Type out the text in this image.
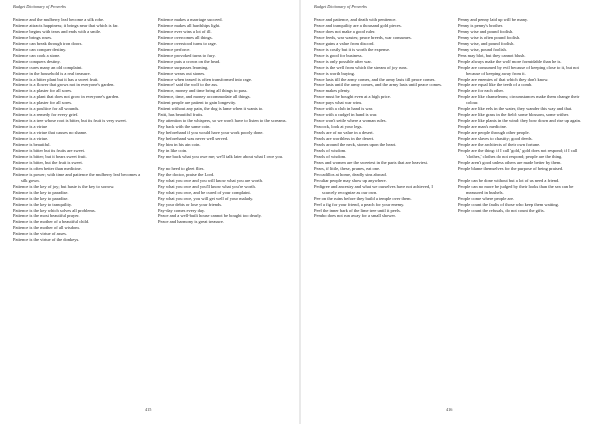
Budget Dictionary of Proverbs

Patience and the mulberry leaf become a silk robe.

Patience attracts happiness; it brings near that which is far.

Patience begins with tears and ends with a smile.

Patience brings roses.

Patience can break through iron doors.

Patience can conquer destiny.

Patience can cook a stone.

Patience conquers destiny.

Patience cures many an old complaint.

Patience in the household is a real treasure.

Patience is a bitter plant but it has a sweet fruit.

Patience is a flower that grows not in everyone's garden.

Patience is a plaster for all sores.

Patience is a plant that does not grow in everyone's garden.

Patience is a plaster for all sores.

Patience is a poultice for all wounds.

Patience is a remedy for every grief.

Patience is a tree whose root is bitter, but its fruit is very sweet.

Patience is a virtue

Patience is a virtue that causes no shame.

Patience is a virtue.

Patience is beautiful.

Patience is bitter but its fruits are sweet.

Patience is bitter; but it bears sweet fruit.

Patience is bitter, but the fruit is sweet.

Patience is often better than medicine.

Patience is power; with time and patience the mulberry leaf becomes a silk gown.

Patience is the key of joy; but haste is the key to sorrow.

Patience is the key to paradise.

Patience is the key to paradise.

Patience is the key to tranquility.

Patience is the key which solves all problems.

Patience is the most beautiful prayer.

Patience is the mother of a beautiful child.

Patience is the mother of all wisdom.

Patience is the virtue of asses.

Patience is the virtue of the donkeys.

Patience makes a marriage succeed.

Patience makes all hardships light.

Patience ever wins a lot of ill.

Patience overcomes all things.

Patience overstood turns to rage.

Patience perforce.

Patience provoked turns to fury.

Patience puts a crown on the head.

Patience surpasses learning.

Patience wears out stones.

Patience when teased is often transformed into rage.

Patience! said the wolf to the ass.

Patience, money and time bring all things to pass.

Patience, time, and money accommodate all things.

Patient people are patient to gain longevity.

Patient without any pain, the dog is lame when it wants to.

Patti, has beautiful fruits.

Pay attention to the whispers, so we won't have to listen to the screams.

Pay back with the same coin.

Pay beforehand if you would have your work poorly done.

Pay beforehand was never well served.

Pay him in his ain coin.

Pay in like coin.

Pay me back what you owe me; we'll talk later about what I owe you.

Pay no heed to gleet flies.

Pay the doctor, praise the Lord.

Pay what you owe and you will know what you are worth.

Pay what you owe and you'll know what you're worth.

Pay what you owe, and be cured of your complaint.

Pay what you owe, you will get well of your malady.

Pay your debts or lose your friends.

Pay-day comes every day.

Peace and a well-built house cannot be bought too dearly.

Peace and harmony is great treasure.

415
Budget Dictionary of Proverbs

Peace and patience, and death with penitence.

Peace and tranquility are a thousand gold pieces.

Peace does not make a good ruler.

Peace feeds, war wastes; peace breeds, war consumes.

Peace gains a value from discord.

Peace is costly but it is worth the expense.

Peace is good for business.

Peace is only possible after war.

Peace is the well from which the stream of joy runs.

Peace is worth buying.

Peace lasts till the army comes, and the army lasts till peace comes.

Peace lasts until the army comes, and the army lasts until peace comes.

Peace makes plenty.

Peace must be bought even at a high price.

Peace pays what war wins.

Peace with a club in hand is war.

Peace with a cudgel in hand is war.

Peace won't settle where a woman rules.

Peacock, look at your legs.

Pearls are of no value in a desert.

Pearls are worthless in the desert.

Pearls around the neck, stones upon the heart.

Pearls of wisdom.

Pearls of wisdom.

Pears and women are the sweetest in the parts that are heaviest.

Pears, if little, these, prunes, eat one.

Peccadillos at home, deadly sins abroad.

Peculiar people may show up anywhere.

Pedigree and ancestry and what we ourselves have not achieved, I scarcely recognize as our own.

Pee on the ruins before they build a temple over them.

Peel a fig for your friend, a peach for your enemy.

Peel the inner bark of the lime tree until it peels.

Pembo does not run away for a small shower.

Penny and penny laid up will be many.

Penny is penny's brother.

Penny wise and pound foolish.

Penny wise is often pound foolish.

Penny wise, and pound foolish.

Penny wise, pound foolish.

Pens may blot, but they cannot blush.

People always make the wolf more formidable than he is.

People are consumed by evil because of keeping close to it, but not because of keeping away from it.

People are enemies of that which they don't know.

People are equal like the teeth of a comb.

People are for each other.

People are like chameleons; circumstances make them change their colour.

People are like eels in the water, they wander this way and that.

People are like grass in the field: some blossom, some wither.

People are like plants in the wind: they bow down and rise up again.

People are man's medicine.

People are people through other people.

People are slaves to chastity; good deeds.

People are the architects of their own fortune.

People are the thing: if I call 'gold,' gold does not respond; if I call 'clothes,' clothes do not respond; people are the thing.

People aren't good unless others are made better by them.

People blame themselves for the purpose of being praised.

People can be done without but a lot of us need a friend.

People can no more be judged by their looks than the sea can be measured in bushels.

People come where people are.

People count the faults of those who keep them waiting.

People count the refusals, do not count the gifts.

416
